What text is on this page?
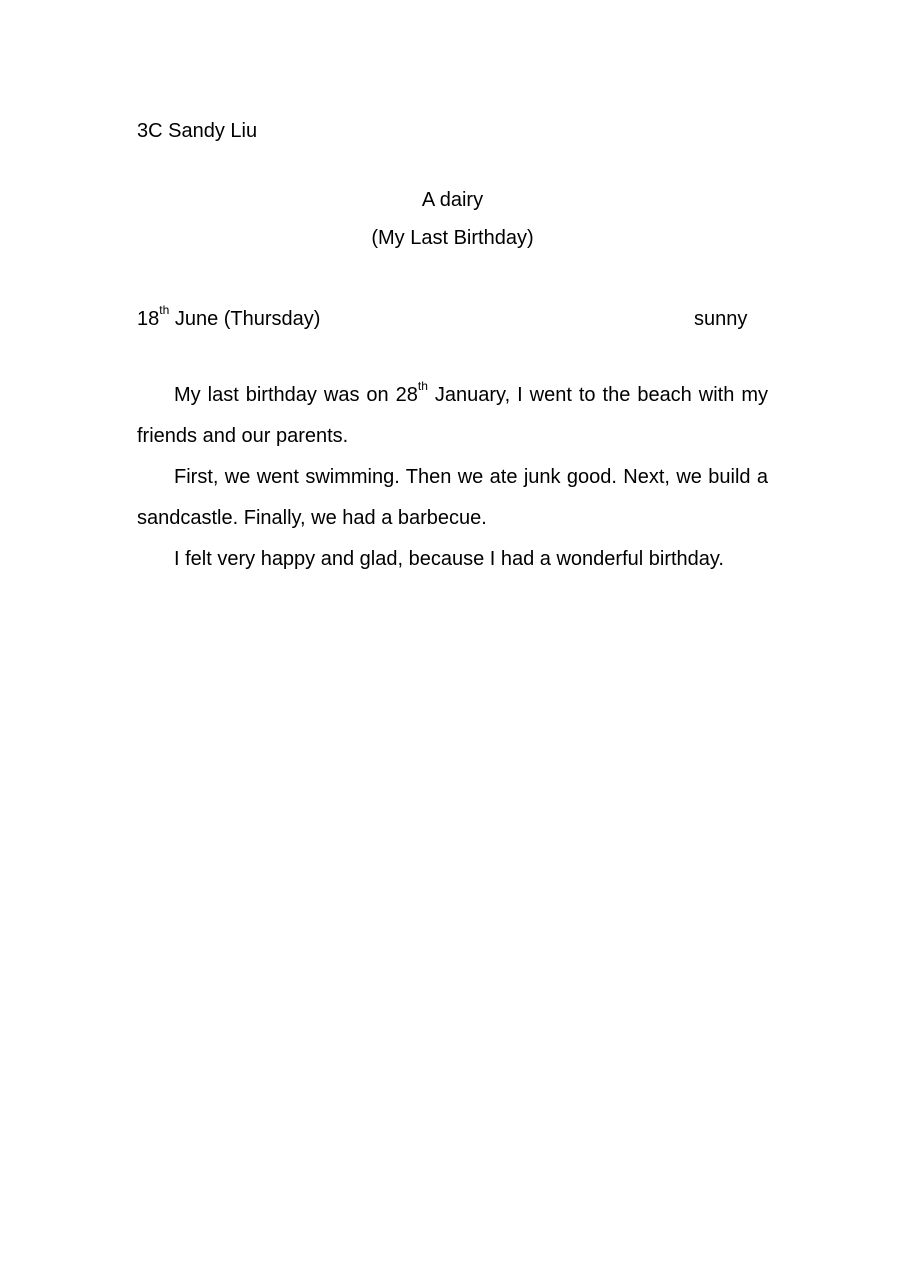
3C Sandy Liu
A dairy
(My Last Birthday)
18th June (Thursday)	sunny

My last birthday was on 28th January, I went to the beach with my friends and our parents.

First, we went swimming. Then we ate junk good. Next, we build a sandcastle. Finally, we had a barbecue.

I felt very happy and glad, because I had a wonderful birthday.
